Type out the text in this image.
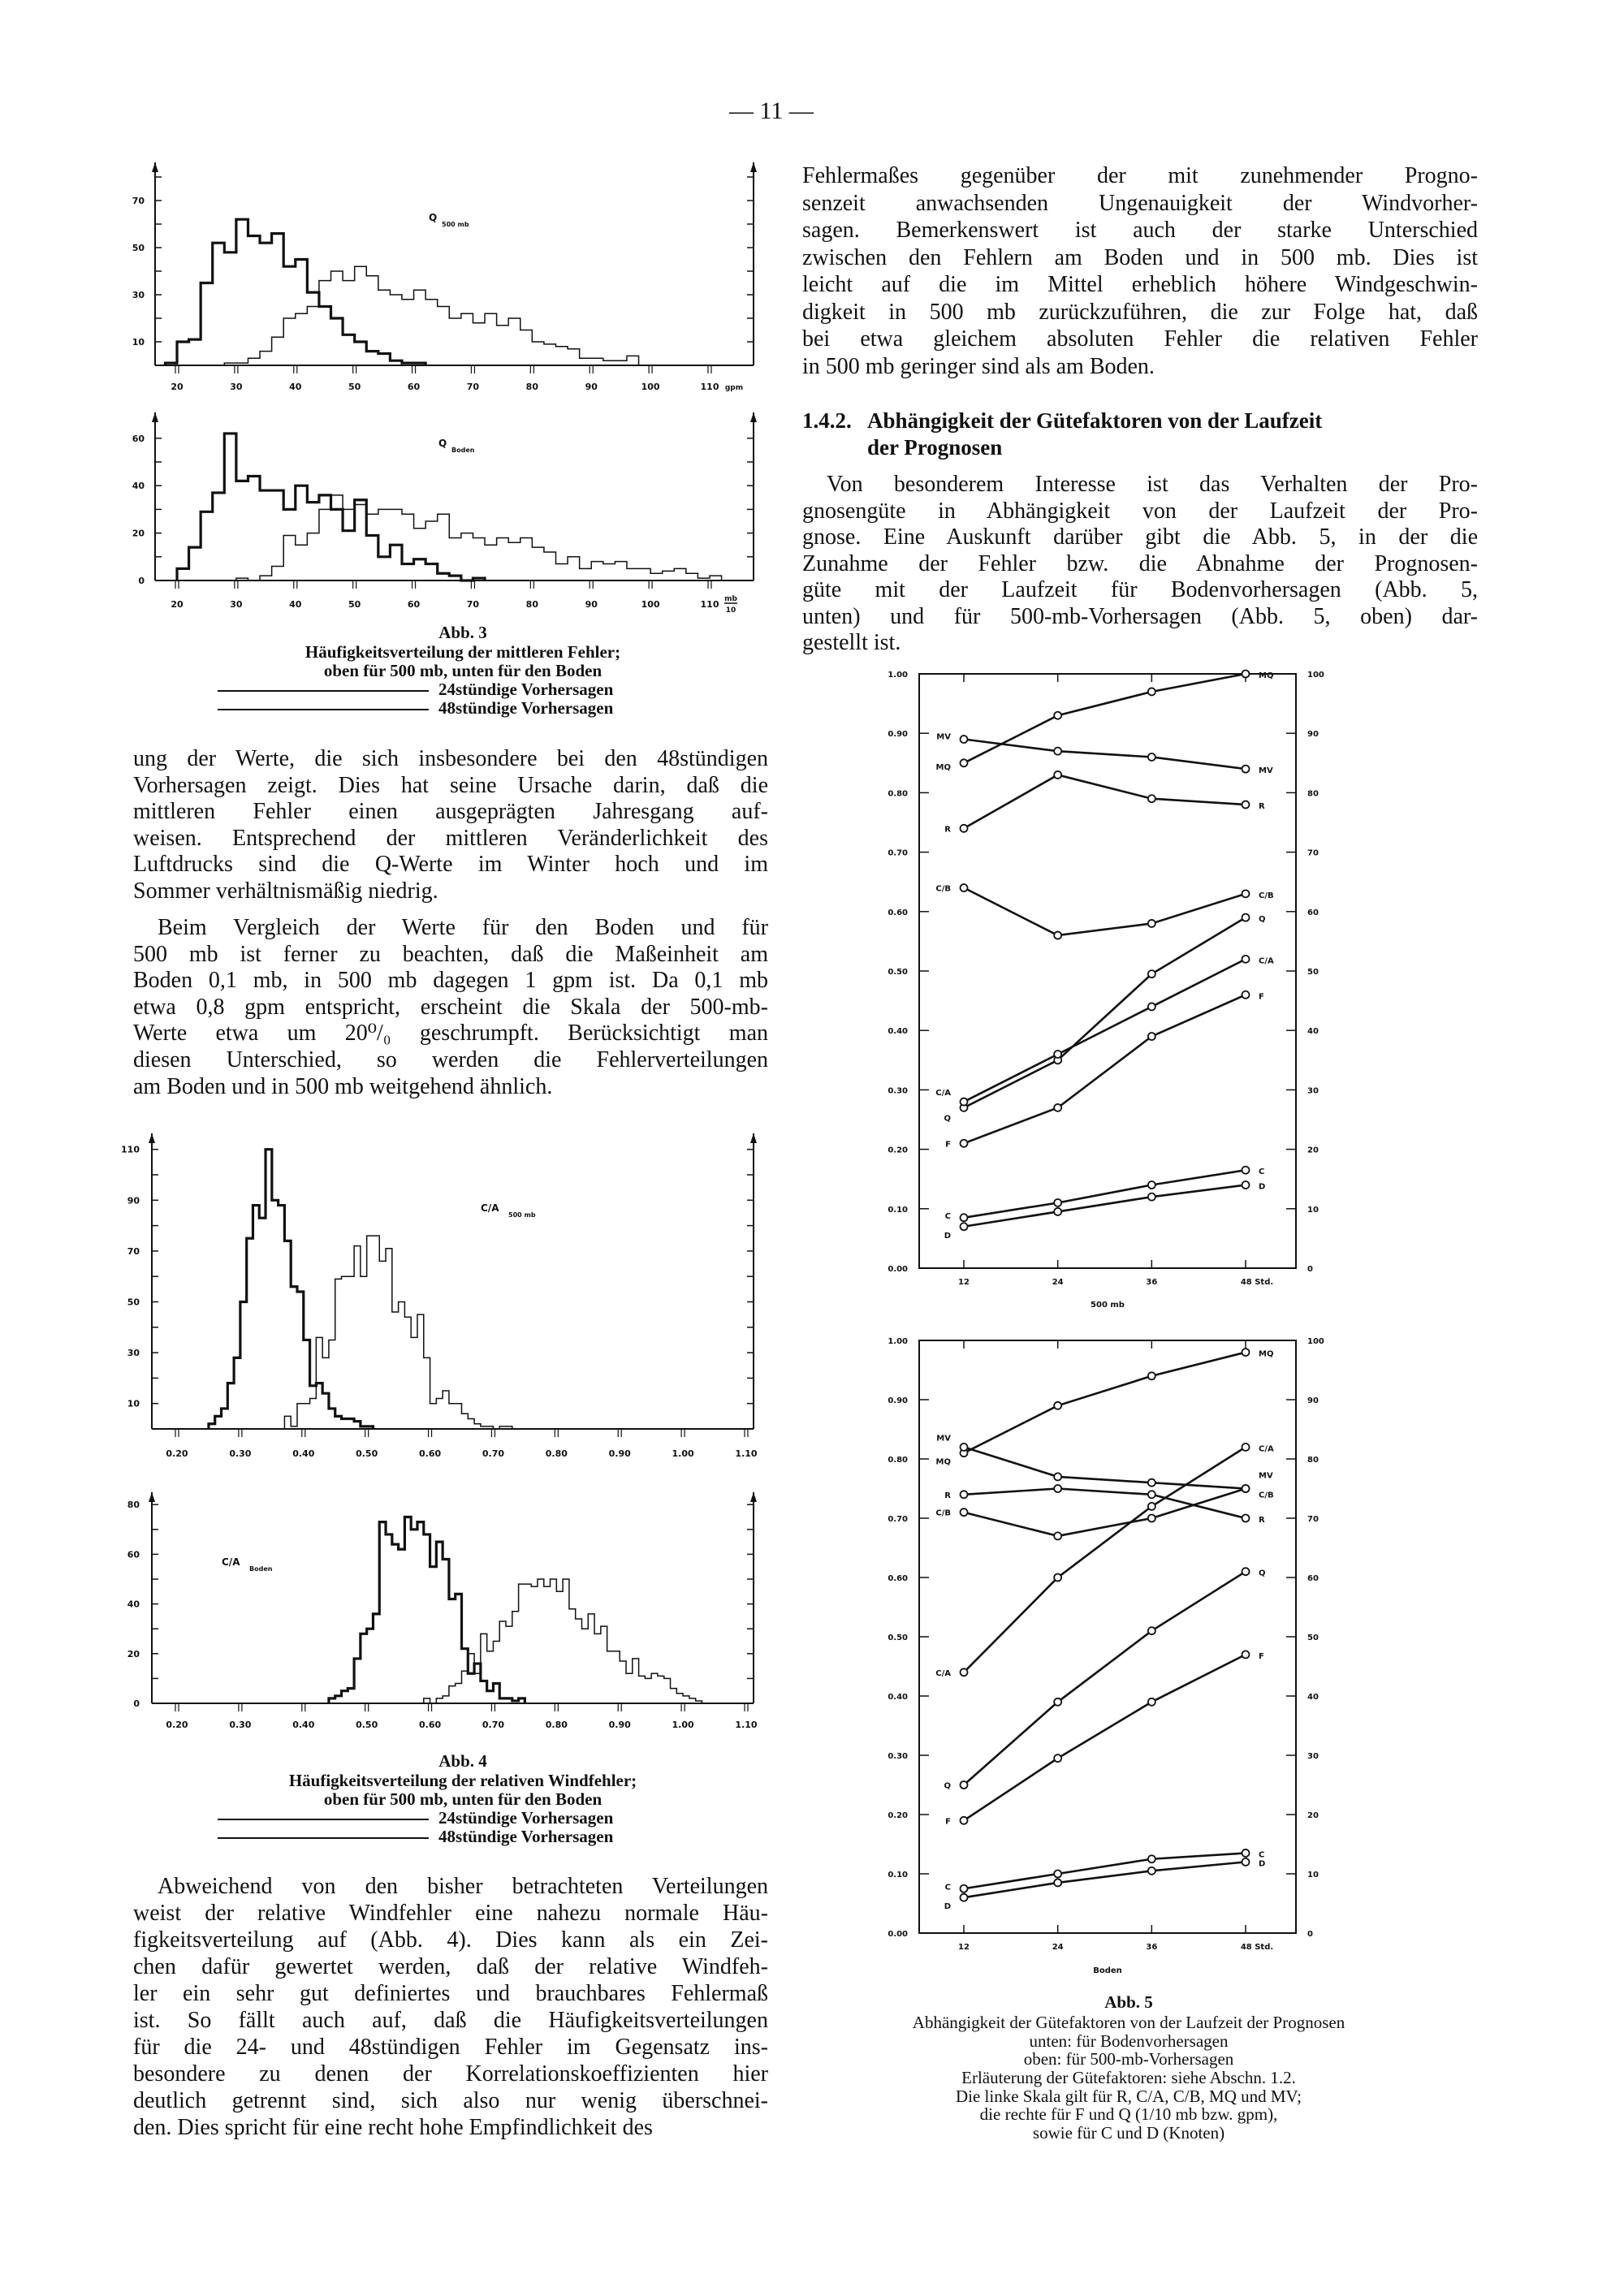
— 11 —
ung der Werte, die sich insbesondere bei den 48stündigen
Vorhersagen zeigt. Dies hat seine Ursache darin, daß die
mittleren Fehler einen ausgeprägten Jahresgang auf-
weisen. Entsprechend der mittleren Veränderlichkeit des
Luftdrucks sind die Q-Werte im Winter hoch und im
Sommer verhältnismäßig niedrig.
Beim Vergleich der Werte für den Boden und für
500 mb ist ferner zu beachten, daß die Maßeinheit am
Boden 0,1 mb, in 500 mb dagegen 1 gpm ist. Da 0,1 mb
etwa 0,8 gpm entspricht, erscheint die Skala der 500-mb-
Werte etwa um 20⁰/₀ geschrumpft. Berücksichtigt man
diesen Unterschied, so werden die Fehlerverteilungen
am Boden und in 500 mb weitgehend ähnlich.
Abweichend von den bisher betrachteten Verteilungen
weist der relative Windfehler eine nahezu normale Häu-
figkeitsverteilung auf (Abb. 4). Dies kann als ein Zei-
chen dafür gewertet werden, daß der relative Windfeh-
ler ein sehr gut definiertes und brauchbares Fehlermaß
ist. So fällt auch auf, daß die Häufigkeitsverteilungen
für die 24- und 48stündigen Fehler im Gegensatz ins-
besondere zu denen der Korrelationskoeffizienten hier
deutlich getrennt sind, sich also nur wenig überschnei-
den. Dies spricht für eine recht hohe Empfindlichkeit des
Fehlermaßes gegenüber der mit zunehmender Progno-
senzeit anwachsenden Ungenauigkeit der Windvorher-
sagen. Bemerkenswert ist auch der starke Unterschied
zwischen den Fehlern am Boden und in 500 mb. Dies ist
leicht auf die im Mittel erheblich höhere Windgeschwin-
digkeit in 500 mb zurückzuführen, die zur Folge hat, daß
bei etwa gleichem absoluten Fehler die relativen Fehler
in 500 mb geringer sind als am Boden.
Von besonderem Interesse ist das Verhalten der Pro-
gnosengüte in Abhängigkeit von der Laufzeit der Pro-
gnose. Eine Auskunft darüber gibt die Abb. 5, in der die
Zunahme der Fehler bzw. die Abnahme der Prognosen-
güte mit der Laufzeit für Bodenvorhersagen (Abb. 5,
unten) und für 500-mb-Vorhersagen (Abb. 5, oben) dar-
gestellt ist.
1.4.2. Abhängigkeit der Gütefaktoren von der Laufzeit
der Prognosen
Abb. 3
Häufigkeitsverteilung der mittleren Fehler;
oben für 500 mb, unten für den Boden
24stündige Vorhersagen
48stündige Vorhersagen
Abb. 4
Häufigkeitsverteilung der relativen Windfehler;
oben für 500 mb, unten für den Boden
24stündige Vorhersagen
48stündige Vorhersagen
Abb. 5
Abhängigkeit der Gütefaktoren von der Laufzeit der Prognosen
unten: für Bodenvorhersagen
oben: für 500-mb-Vorhersagen
Erläuterung der Gütefaktoren: siehe Abschn. 1.2.
Die linke Skala gilt für R, C/A, C/B, MQ und MV;
die rechte für F und Q (1/10 mb bzw. gpm),
sowie für C und D (Knoten)
10
30
50
70
20	30	40	50	60	70	80	90	100	110 gpm
Q
500 mb
0
20
40
60
20	30	40	50	60	70	80	90	100	110 mb
10
Q
Boden
10
30
50
70
90
110
0.20	0.30	0.40	0.50	0.60	0.70	0.80	0.90	1.00	1.10
C/A
500 mb
0
20
40
60
80
0.20	0.30	0.40	0.50	0.60	0.70	0.80	0.90	1.00	1.10
C/A
Boden
0.00	0
0.10	10
0.20	20
0.30	30
0.40	40
0.50	50
0.60	60
0.70	70
0.80	80
0.90	90
1.00	100
12	24	36	48 Std.
500 mb
MQ
MQ
MV
MV
R
R
C/B
C/B
Q
Q
C/A
C/A
F
F
C
C
D
D
0.00	0
0.10	10
0.20	20
0.30	30
0.40	40
0.50	50
0.60	60
0.70	70
0.80	80
0.90	90
1.00	100
12	24	36	48 Std.
Boden
MQ
MQ
MV
MV
R
R
C/B
C/B
C/A
C/A
Q
Q
F
F
C
C
D
D
